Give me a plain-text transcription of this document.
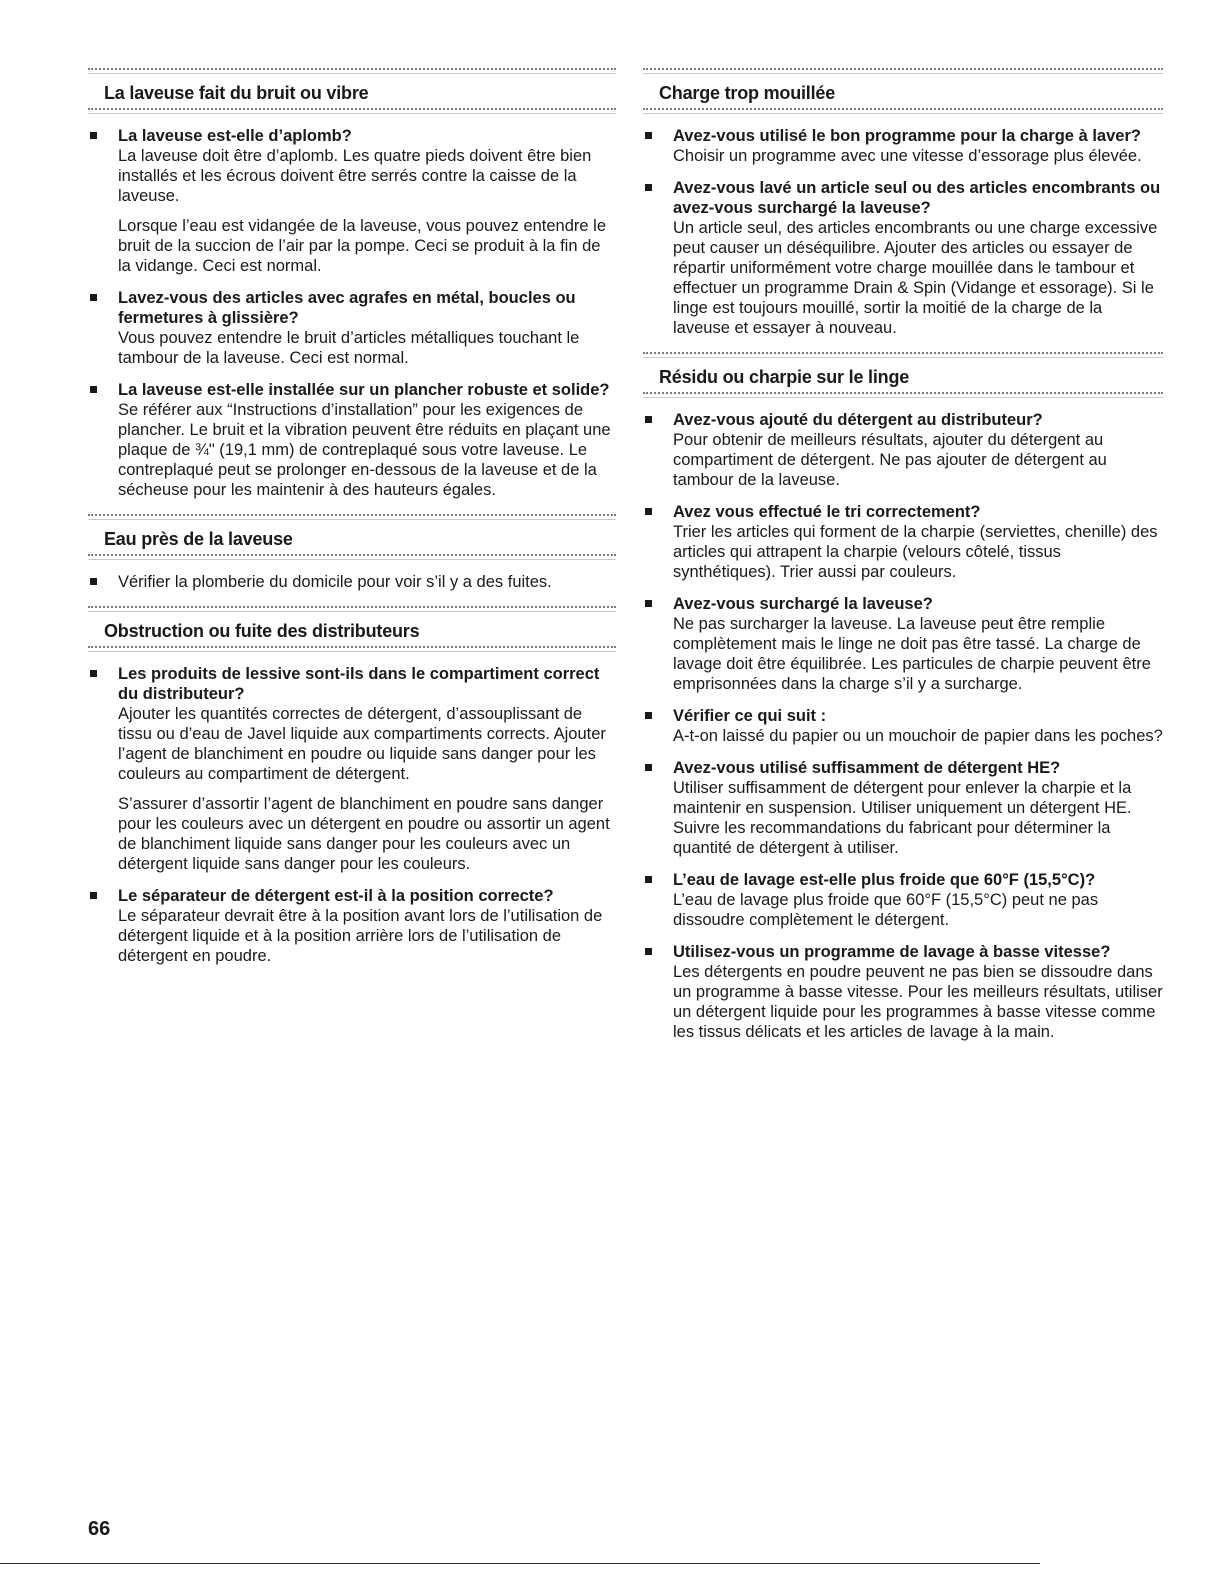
La laveuse fait du bruit ou vibre
La laveuse est-elle d’aplomb?
La laveuse doit être d’aplomb. Les quatre pieds doivent être bien installés et les écrous doivent être serrés contre la caisse de la laveuse.
Lorsque l’eau est vidangée de la laveuse, vous pouvez entendre le bruit de la succion de l’air par la pompe. Ceci se produit à la fin de la vidange. Ceci est normal.
Lavez-vous des articles avec agrafes en métal, boucles ou fermetures à glissière?
Vous pouvez entendre le bruit d’articles métalliques touchant le tambour de la laveuse. Ceci est normal.
La laveuse est-elle installée sur un plancher robuste et solide?
Se référer aux “Instructions d’installation” pour les exigences de plancher. Le bruit et la vibration peuvent être réduits en plaçant une plaque de ¾" (19,1 mm) de contreplaqué sous votre laveuse. Le contreplaqué peut se prolonger en-dessous de la laveuse et de la sécheuse pour les maintenir à des hauteurs égales.
Eau près de la laveuse
Vérifier la plomberie du domicile pour voir s’il y a des fuites.
Obstruction ou fuite des distributeurs
Les produits de lessive sont-ils dans le compartiment correct du distributeur?
Ajouter les quantités correctes de détergent, d’assouplissant de tissu ou d’eau de Javel liquide aux compartiments corrects. Ajouter l’agent de blanchiment en poudre ou liquide sans danger pour les couleurs au compartiment de détergent.
S’assurer d’assortir l’agent de blanchiment en poudre sans danger pour les couleurs avec un détergent en poudre ou assortir un agent de blanchiment liquide sans danger pour les couleurs avec un détergent liquide sans danger pour les couleurs.
Le séparateur de détergent est-il à la position correcte?
Le séparateur devrait être à la position avant lors de l’utilisation de détergent liquide et à la position arrière lors de l’utilisation de détergent en poudre.
Charge trop mouillée
Avez-vous utilisé le bon programme pour la charge à laver?
Choisir un programme avec une vitesse d’essorage plus élevée.
Avez-vous lavé un article seul ou des articles encombrants ou avez-vous surchargé la laveuse?
Un article seul, des articles encombrants ou une charge excessive peut causer un déséquilibre. Ajouter des articles ou essayer de répartir uniformément votre charge mouillée dans le tambour et effectuer un programme Drain & Spin (Vidange et essorage). Si le linge est toujours mouillé, sortir la moitié de la charge de la laveuse et essayer à nouveau.
Résidu ou charpie sur le linge
Avez-vous ajouté du détergent au distributeur?
Pour obtenir de meilleurs résultats, ajouter du détergent au compartiment de détergent. Ne pas ajouter de détergent au tambour de la laveuse.
Avez vous effectué le tri correctement?
Trier les articles qui forment de la charpie (serviettes, chenille) des articles qui attrapent la charpie (velours côtelé, tissus synthétiques). Trier aussi par couleurs.
Avez-vous surchargé la laveuse?
Ne pas surcharger la laveuse. La laveuse peut être remplie complètement mais le linge ne doit pas être tassé. La charge de lavage doit être équilibrée. Les particules de charpie peuvent être emprisonnées dans la charge s’il y a surcharge.
Vérifier ce qui suit :
A-t-on laissé du papier ou un mouchoir de papier dans les poches?
Avez-vous utilisé suffisamment de détergent HE?
Utiliser suffisamment de détergent pour enlever la charpie et la maintenir en suspension. Utiliser uniquement un détergent HE. Suivre les recommandations du fabricant pour déterminer la quantité de détergent à utiliser.
L’eau de lavage est-elle plus froide que 60°F (15,5°C)?
L’eau de lavage plus froide que 60°F (15,5°C) peut ne pas dissoudre complètement le détergent.
Utilisez-vous un programme de lavage à basse vitesse?
Les détergents en poudre peuvent ne pas bien se dissoudre dans un programme à basse vitesse. Pour les meilleurs résultats, utiliser un détergent liquide pour les programmes à basse vitesse comme les tissus délicats et les articles de lavage à la main.
66
